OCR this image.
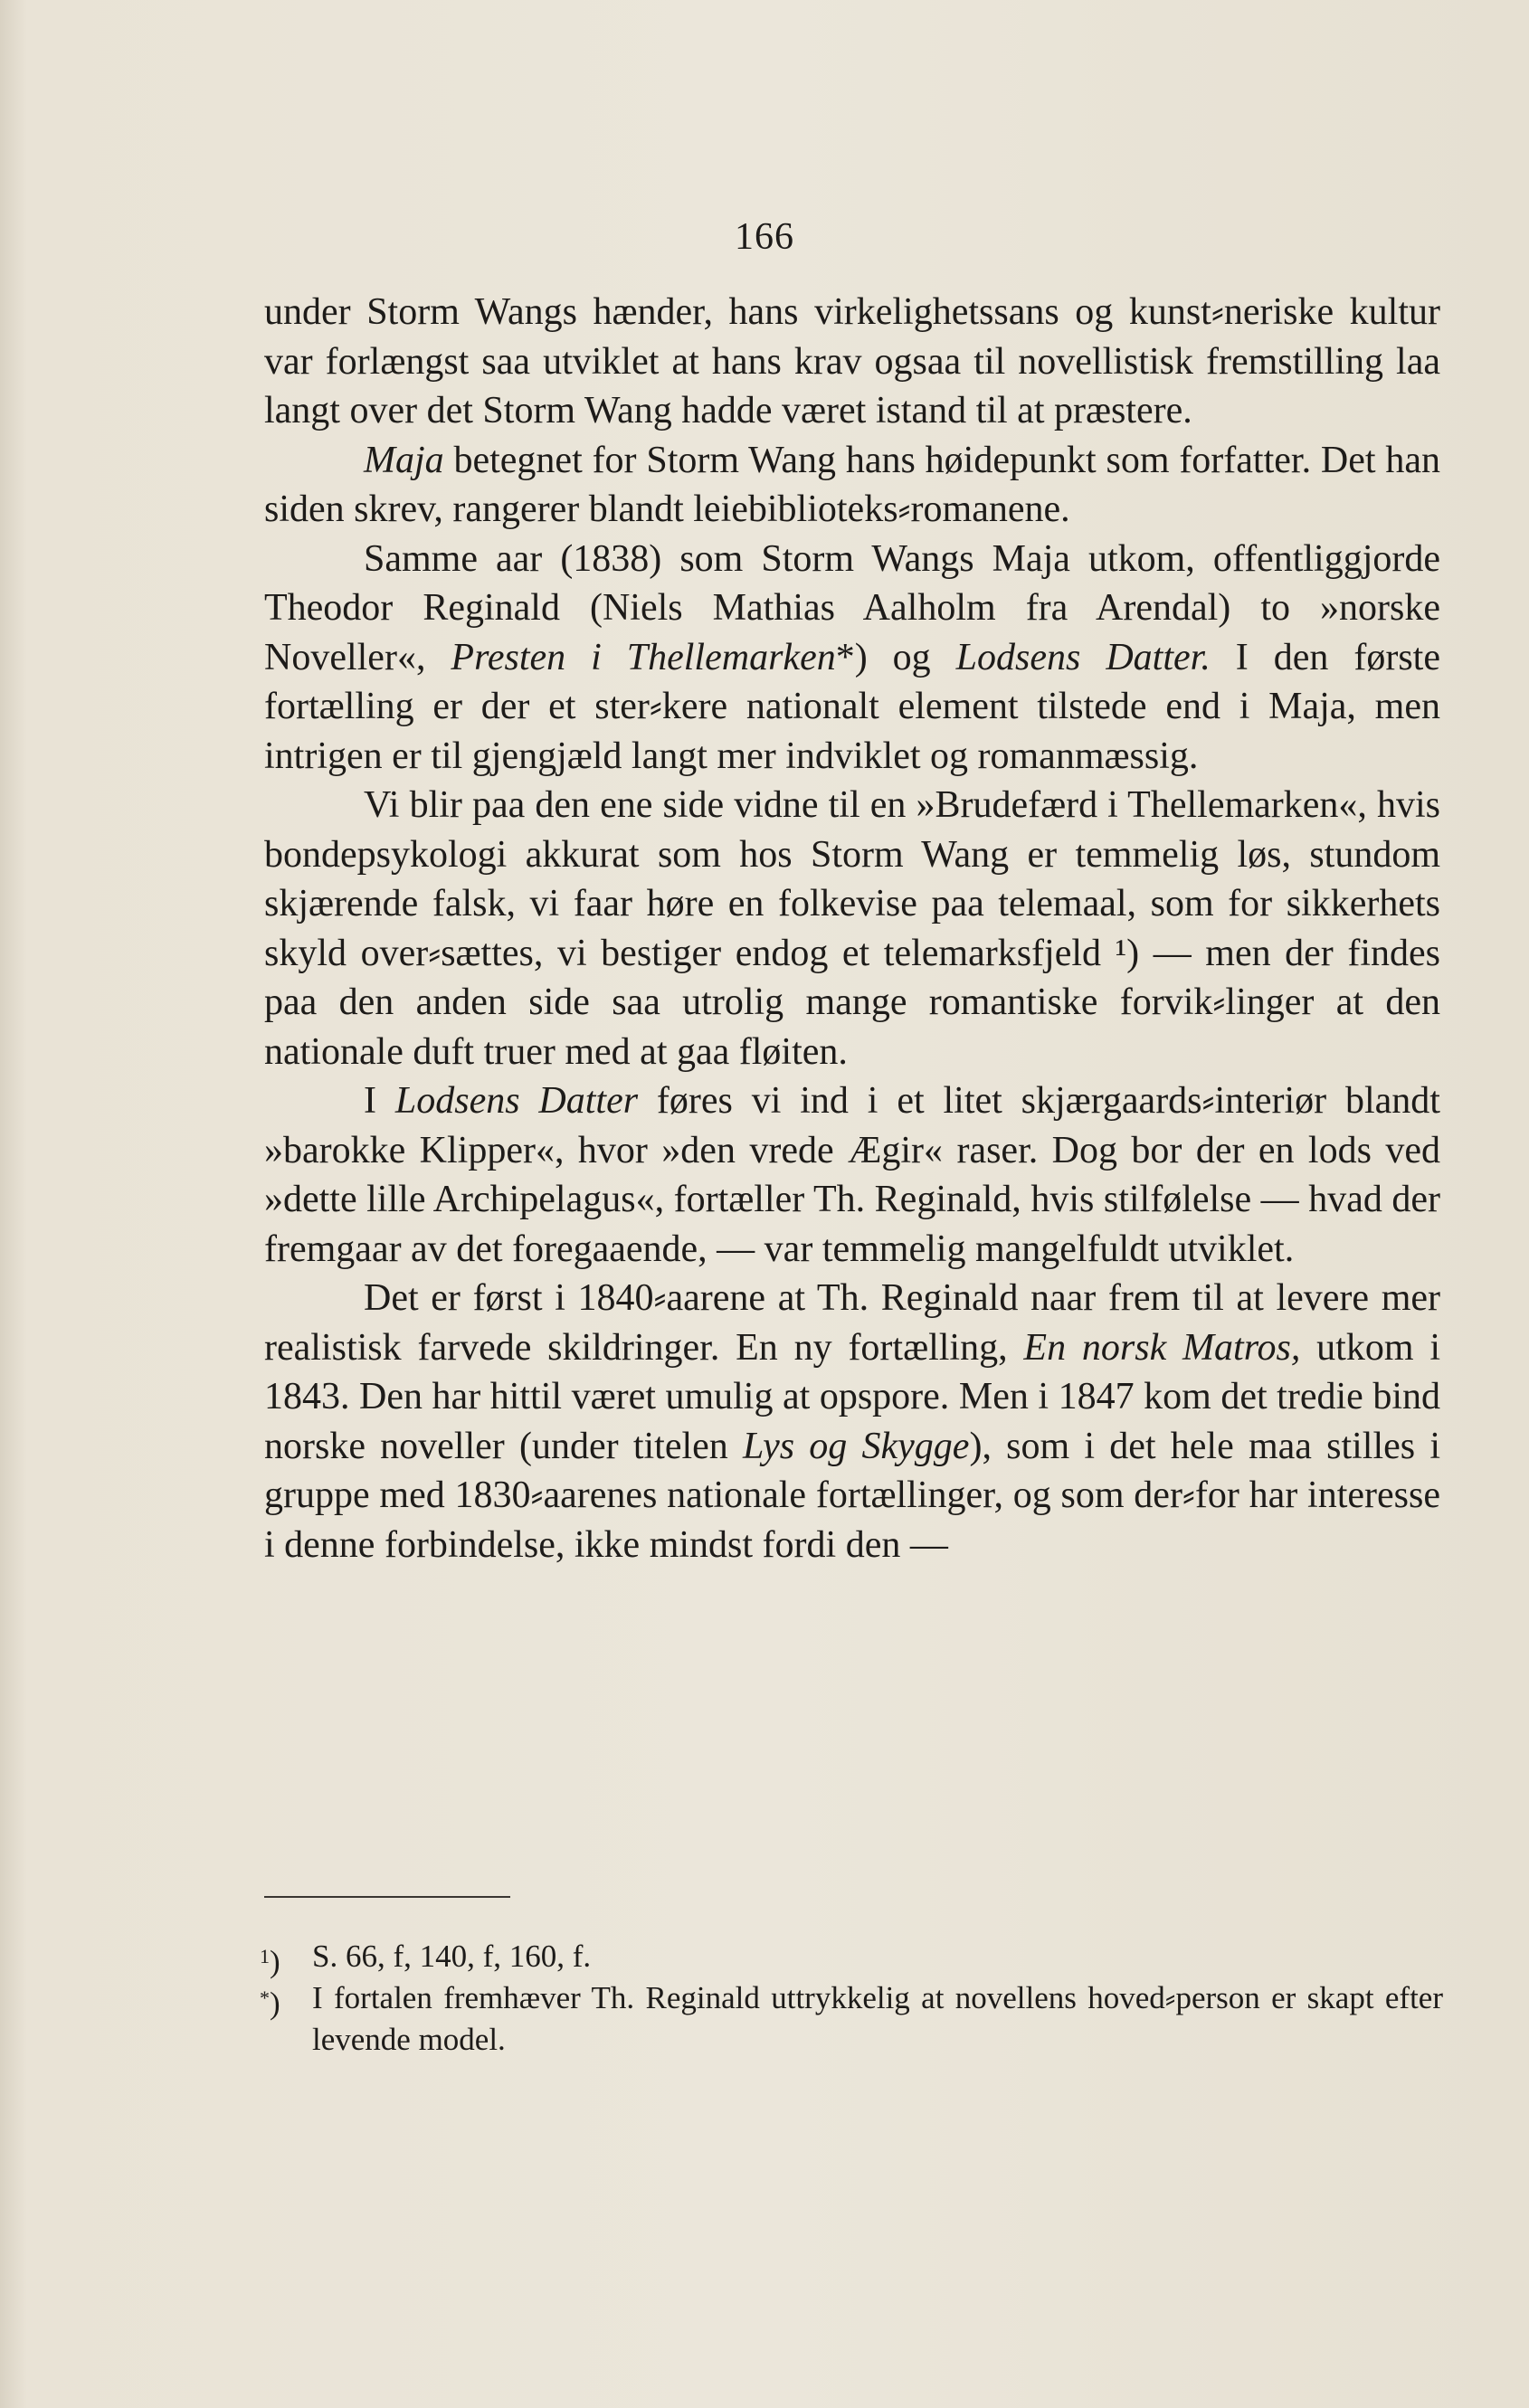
166

under Storm Wangs hænder, hans virkelighetssans og kunst⸗neriske kultur var forlængst saa utviklet at hans krav ogsaa til novellistisk fremstilling laa langt over det Storm Wang hadde været istand til at præstere.

Maja betegnet for Storm Wang hans høidepunkt som forfatter. Det han siden skrev, rangerer blandt leiebiblioteks⸗romanene.

Samme aar (1838) som Storm Wangs Maja utkom, offentliggjorde Theodor Reginald (Niels Mathias Aalholm fra Arendal) to »norske Noveller«, Presten i Thellemarken*) og Lodsens Datter. I den første fortælling er der et ster⸗kere nationalt element tilstede end i Maja, men intrigen er til gjengjæld langt mer indviklet og romanmæssig.

Vi blir paa den ene side vidne til en »Brudefærd i Thellemarken«, hvis bondepsykologi akkurat som hos Storm Wang er temmelig løs, stundom skjærende falsk, vi faar høre en folkevise paa telemaal, som for sikkerhets skyld over⸗sættes, vi bestiger endog et telemarksfjeld ¹) — men der findes paa den anden side saa utrolig mange romantiske forvik⸗linger at den nationale duft truer med at gaa fløiten.

I Lodsens Datter føres vi ind i et litet skjærgaards⸗interiør blandt »barokke Klipper«, hvor »den vrede Ægir« raser. Dog bor der en lods ved »dette lille Archipelagus«, fortæller Th. Reginald, hvis stilfølelse — hvad der fremgaar av det foregaaende, — var temmelig mangelfuldt utviklet.

Det er først i 1840⸗aarene at Th. Reginald naar frem til at levere mer realistisk farvede skildringer. En ny fortælling, En norsk Matros, utkom i 1843. Den har hittil været umulig at opspore. Men i 1847 kom det tredie bind norske noveller (under titelen Lys og Skygge), som i det hele maa stilles i gruppe med 1830⸗aarenes nationale fortællinger, og som der⸗for har interesse i denne forbindelse, ikke mindst fordi den —

$^1$)	S. 66, f, 140, f, 160, f.

*)	I fortalen fremhæver Th. Reginald uttrykkelig at novellens hoved⸗person er skapt efter levende model.
